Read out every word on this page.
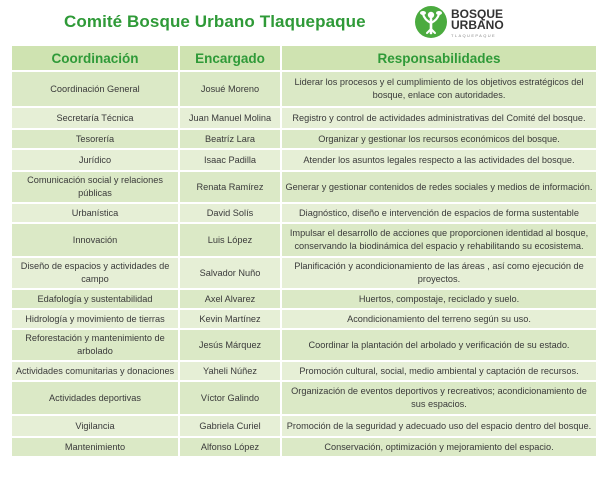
Comité Bosque Urbano Tlaquepaque	BOSQUE
URBANO
TLAQUEPAQUE
Coordinación	Encargado	Responsabilidades
Coordinación General	Josué Moreno	Liderar los procesos y el cumplimiento de los objetivos estratégicos del bosque, enlace con autoridades.
Secretaría Técnica	Juan Manuel Molina	Registro y control de actividades administrativas del Comité del bosque.
Tesorería	Beatríz Lara	Organizar y gestionar los recursos económicos del bosque.
Jurídico	Isaac Padilla	Atender los asuntos legales respecto a las actividades del bosque.
Comunicación social y relaciones públicas	Renata Ramírez	Generar y gestionar contenidos de redes sociales y medios de información.
Urbanística	David Solís	Diagnóstico, diseño e intervención de espacios de forma sustentable
Innovación	Luis López	Impulsar el desarrollo de acciones que proporcionen identidad al bosque, conservando la biodinámica del espacio y rehabilitando su ecosistema.
Diseño de espacios y actividades de campo	Salvador Nuño	Planificación y acondicionamiento de las áreas , así como ejecución de proyectos.
Edafología y sustentabilidad	Axel Alvarez	Huertos, compostaje, reciclado y suelo.
Hidrología y movimiento de tierras	Kevin Martínez	Acondicionamiento del terreno según su uso.
Reforestación y mantenimiento de arbolado	Jesús Márquez	Coordinar la plantación del arbolado y verificación de su estado.
Actividades comunitarias y donaciones	Yaheli Núñez	Promoción cultural, social, medio ambiental y captación de recursos.
Actividades deportivas	Víctor Galindo	Organización de eventos deportivos y recreativos; acondicionamiento de sus espacios.
Vigilancia	Gabriela Curiel	Promoción de la seguridad y adecuado uso del espacio dentro del bosque.
Mantenimiento	Alfonso López	Conservación, optimización y mejoramiento del espacio.
